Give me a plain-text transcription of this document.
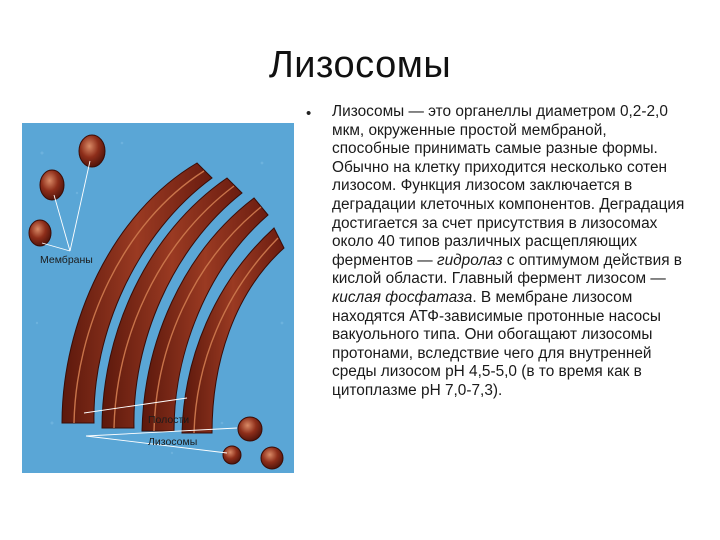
Лизосомы
Мембраны
Полости
Лизосомы
• Лизосомы — это органеллы диаметром 0,2-2,0 мкм, окруженные простой мембраной, способные принимать самые разные формы. Обычно на клетку приходится несколько сотен лизосом. Функция лизосом заключается в деградации клеточных компонентов. Деградация достигается за счет присутствия в лизосомах около 40 типов различных расщепляющих ферментов — гидролаз с оптимумом действия в кислой области. Главный фермент лизосом — кислая фосфатаза. В мембране лизосом находятся АТФ-зависимые протонные насосы вакуольного типа. Они обогащают лизосомы протонами, вследствие чего для внутренней среды лизосом pH 4,5-5,0 (в то время как в цитоплазме pH 7,0-7,3).
